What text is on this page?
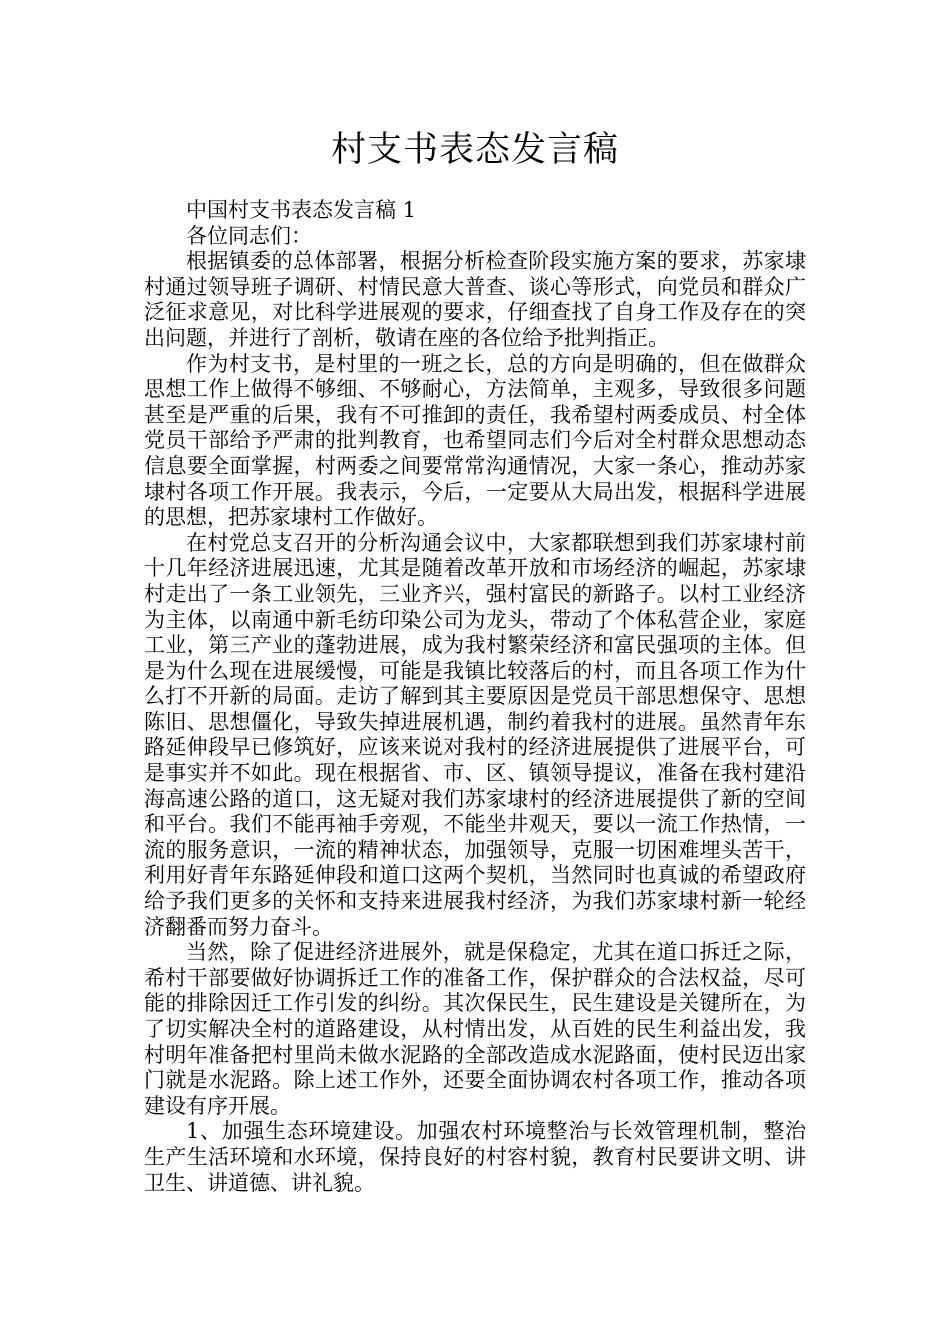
村支书表态发言稿

中国村支书表态发言稿 1

各位同志们：

根据镇委的总体部署，根据分析检查阶段实施方案的要求，苏家埭村通过领导班子调研、村情民意大普查、谈心等形式，向党员和群众广泛征求意见，对比科学进展观的要求，仔细查找了自身工作及存在的突出问题，并进行了剖析，敬请在座的各位给予批判指正。

作为村支书，是村里的一班之长，总的方向是明确的，但在做群众思想工作上做得不够细、不够耐心，方法简单，主观多，导致很多问题甚至是严重的后果，我有不可推卸的责任，我希望村两委成员、村全体党员干部给予严肃的批判教育，也希望同志们今后对全村群众思想动态信息要全面掌握，村两委之间要常常沟通情况，大家一条心，推动苏家埭村各项工作开展。我表示，今后，一定要从大局出发，根据科学进展的思想，把苏家埭村工作做好。

在村党总支召开的分析沟通会议中，大家都联想到我们苏家埭村前十几年经济进展迅速，尤其是随着改革开放和市场经济的崛起，苏家埭村走出了一条工业领先，三业齐兴，强村富民的新路子。以村工业经济为主体，以南通中新毛纺印染公司为龙头，带动了个体私营企业，家庭工业，第三产业的蓬勃进展，成为我村繁荣经济和富民强项的主体。但是为什么现在进展缓慢，可能是我镇比较落后的村，而且各项工作为什么打不开新的局面。走访了解到其主要原因是党员干部思想保守、思想陈旧、思想僵化，导致失掉进展机遇，制约着我村的进展。虽然青年东路延伸段早已修筑好，应该来说对我村的经济进展提供了进展平台，可是事实并不如此。现在根据省、市、区、镇领导提议，准备在我村建沿海高速公路的道口，这无疑对我们苏家埭村的经济进展提供了新的空间和平台。我们不能再袖手旁观，不能坐井观天，要以一流工作热情，一流的服务意识，一流的精神状态，加强领导，克服一切困难埋头苦干，利用好青年东路延伸段和道口这两个契机，当然同时也真诚的希望政府给予我们更多的关怀和支持来进展我村经济，为我们苏家埭村新一轮经济翻番而努力奋斗。

当然，除了促进经济进展外，就是保稳定，尤其在道口拆迁之际，希村干部要做好协调拆迁工作的准备工作，保护群众的合法权益，尽可能的排除因迁工作引发的纠纷。其次保民生，民生建设是关键所在，为了切实解决全村的道路建设，从村情出发，从百姓的民生利益出发，我村明年准备把村里尚未做水泥路的全部改造成水泥路面，使村民迈出家门就是水泥路。除上述工作外，还要全面协调农村各项工作，推动各项建设有序开展。

1、加强生态环境建设。加强农村环境整治与长效管理机制，整治生产生活环境和水环境，保持良好的村容村貌，教育村民要讲文明、讲卫生、讲道德、讲礼貌。
